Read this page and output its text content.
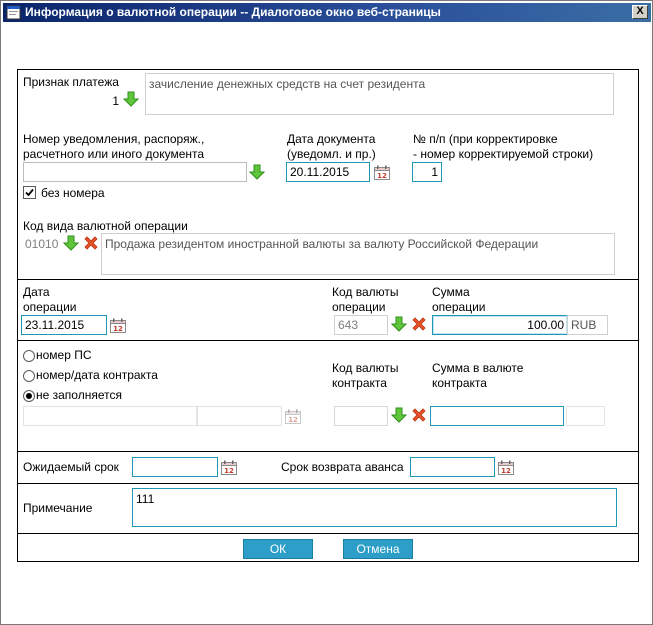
Информация о валютной операции -- Диалоговое окно веб-страницы	X
Признак платежа
1
зачисление денежных средств на счет резидента
Номер уведомления, распоряж.,
расчетного или иного документа
Дата документа
(уведомл. и пр.)
20.11.2015
№ п/п (при корректировке
- номер корректируемой строки)
1
без номера
Код вида валютной операции
01010	Продажа резидентом иностранной валюты за валюту Российской Федерации
Дата
операции
23.11.2015
Код валюты
операции
643
Сумма
операции
100.00 RUB
номер ПС
номер/дата контракта
не заполняется
Код валюты
контракта
Сумма в валюте
контракта
Ожидаемый срок	Срок возврата аванса
Примечание
111
ОК	Отмена
